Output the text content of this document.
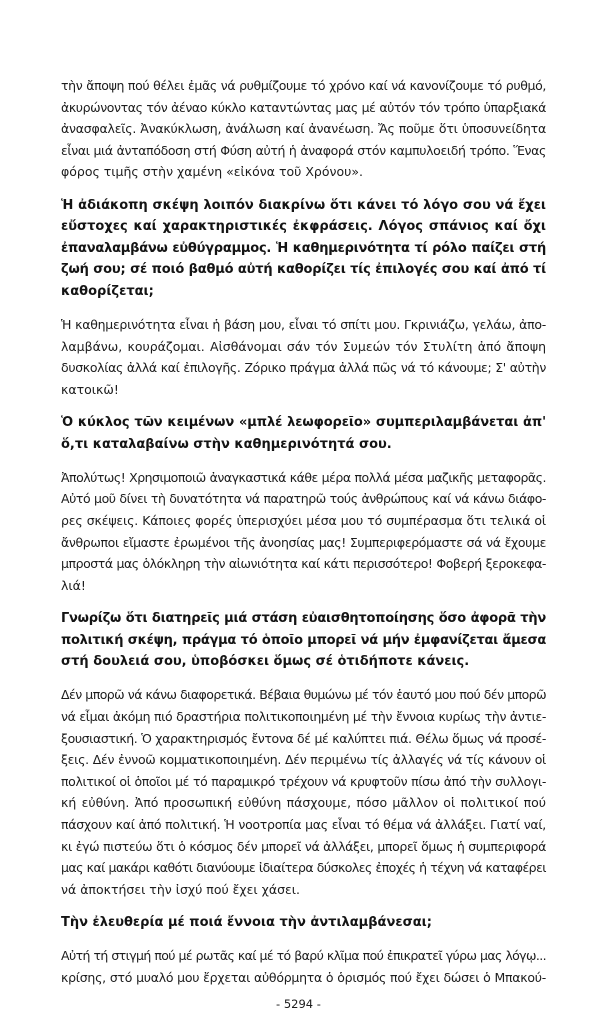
τὴν ἄποψη πού θέλει ἐμᾶς νά ρυθμίζουμε τό χρόνο καί νά κανονίζουμε τό ρυθμό,
ἀκυρώνοντας τόν ἀέναο κύκλο καταντώντας μας μέ αὐτόν τόν τρόπο ὑπαρξιακά
ἀνασφαλεῖς. Ἀνακύκλωση, ἀνάλωση καί ἀνανέωση. Ἄς ποῦμε ὅτι ὑποσυνείδητα
εἶναι μιά ἀνταπόδοση στή Φύση αὐτή ἡ ἀναφορά στόν καμπυλοειδή τρόπο. Ἕνας
φόρος τιμῆς στὴν χαμένη «εἰκόνα τοῦ Χρόνου».
Ἡ ἀδιάκοπη σκέψη λοιπόν διακρίνω ὅτι κάνει τό λόγο σου νά ἔχει
εὔστοχες καί χαρακτηριστικές ἐκφράσεις. Λόγος σπάνιος καί ὄχι
ἐπαναλαμβάνω εὐθύγραμμος. Ἡ καθημερινότητα τί ρόλο παίζει στή
ζωή σου; σέ ποιό βαθμό αὐτή καθορίζει τίς ἐπιλογές σου καί ἀπό τί
καθορίζεται;
Ἡ καθημερινότητα εἶναι ἡ βάση μου, εἶναι τό σπίτι μου. Γκρινιάζω, γελάω, ἀπο-
λαμβάνω, κουράζομαι. Αἰσθάνομαι σάν τόν Συμεών τόν Στυλίτη ἀπό ἄποψη
δυσκολίας ἀλλά καί ἐπιλογῆς. Ζόρικο πράγμα ἀλλά πῶς νά τό κάνουμε; Σ' αὐτὴν
κατοικῶ!
Ὁ κύκλος τῶν κειμένων «μπλέ λεωφορεῖο» συμπεριλαμβάνεται ἀπ'
ὅ,τι καταλαβαίνω στὴν καθημερινότητά σου.
Ἀπολύτως! Χρησιμοποιῶ ἀναγκαστικά κάθε μέρα πολλά μέσα μαζικῆς μεταφορᾶς.
Αὐτό μοῦ δίνει τὴ δυνατότητα νά παρατηρῶ τούς ἀνθρώπους καί νά κάνω διάφο-
ρες σκέψεις. Κάποιες φορές ὑπερισχύει μέσα μου τό συμπέρασμα ὅτι τελικά οἱ
ἄνθρωποι εἴμαστε ἐρωμένοι τῆς ἀνοησίας μας! Συμπεριφερόμαστε σά νά ἔχουμε
μπροστά μας ὁλόκληρη τὴν αἰωνιότητα καί κάτι περισσότερο! Φοβερή ξεροκεφα-
λιά!
Γνωρίζω ὅτι διατηρεῖς μιά στάση εὐαισθητοποίησης ὅσο ἀφορᾶ τὴν
πολιτική σκέψη, πράγμα τό ὁποῖο μπορεῖ νά μήν ἐμφανίζεται ἄμεσα
στή δουλειά σου, ὑποβόσκει ὅμως σέ ὁτιδήποτε κάνεις.
Δέν μπορῶ νά κάνω διαφορετικά. Βέβαια θυμώνω μέ τόν ἑαυτό μου πού δέν μπορῶ
νά εἶμαι ἀκόμη πιό δραστήρια πολιτικοποιημένη μέ τὴν ἔννοια κυρίως τὴν ἀντιε-
ξουσιαστική. Ὁ χαρακτηρισμός ἔντονα δέ μέ καλύπτει πιά. Θέλω ὅμως νά προσέ-
ξεις. Δέν ἐννοῶ κομματικοποιημένη. Δέν περιμένω τίς ἀλλαγές νά τίς κάνουν οἱ
πολιτικοί οἱ ὁποῖοι μέ τό παραμικρό τρέχουν νά κρυφτοῦν πίσω ἀπό τὴν συλλογι-
κή εὐθύνη. Ἀπό προσωπική εὐθύνη πάσχουμε, πόσο μᾶλλον οἱ πολιτικοί πού
πάσχουν καί ἀπό πολιτική. Ἡ νοοτροπία μας εἶναι τό θέμα νά ἀλλάξει. Γιατί ναί,
κι ἐγώ πιστεύω ὅτι ὁ κόσμος δέν μπορεῖ νά ἀλλάξει, μπορεῖ ὅμως ἡ συμπεριφορά
μας καί μακάρι καθότι διανύουμε ἰδιαίτερα δύσκολες ἐποχές ἡ τέχνη νά καταφέρει
νά ἀποκτήσει τὴν ἰσχύ πού ἔχει χάσει.
Τὴν ἐλευθερία μέ ποιά ἔννοια τὴν ἀντιλαμβάνεσαι;
Αὐτή τή στιγμή πού μέ ρωτᾶς καί μέ τό βαρύ κλῖμα πού ἐπικρατεῖ γύρω μας λόγῳ...
κρίσης, στό μυαλό μου ἔρχεται αὐθόρμητα ὁ ὁρισμός πού ἔχει δώσει ὁ Μπακού-
- 5294 -
